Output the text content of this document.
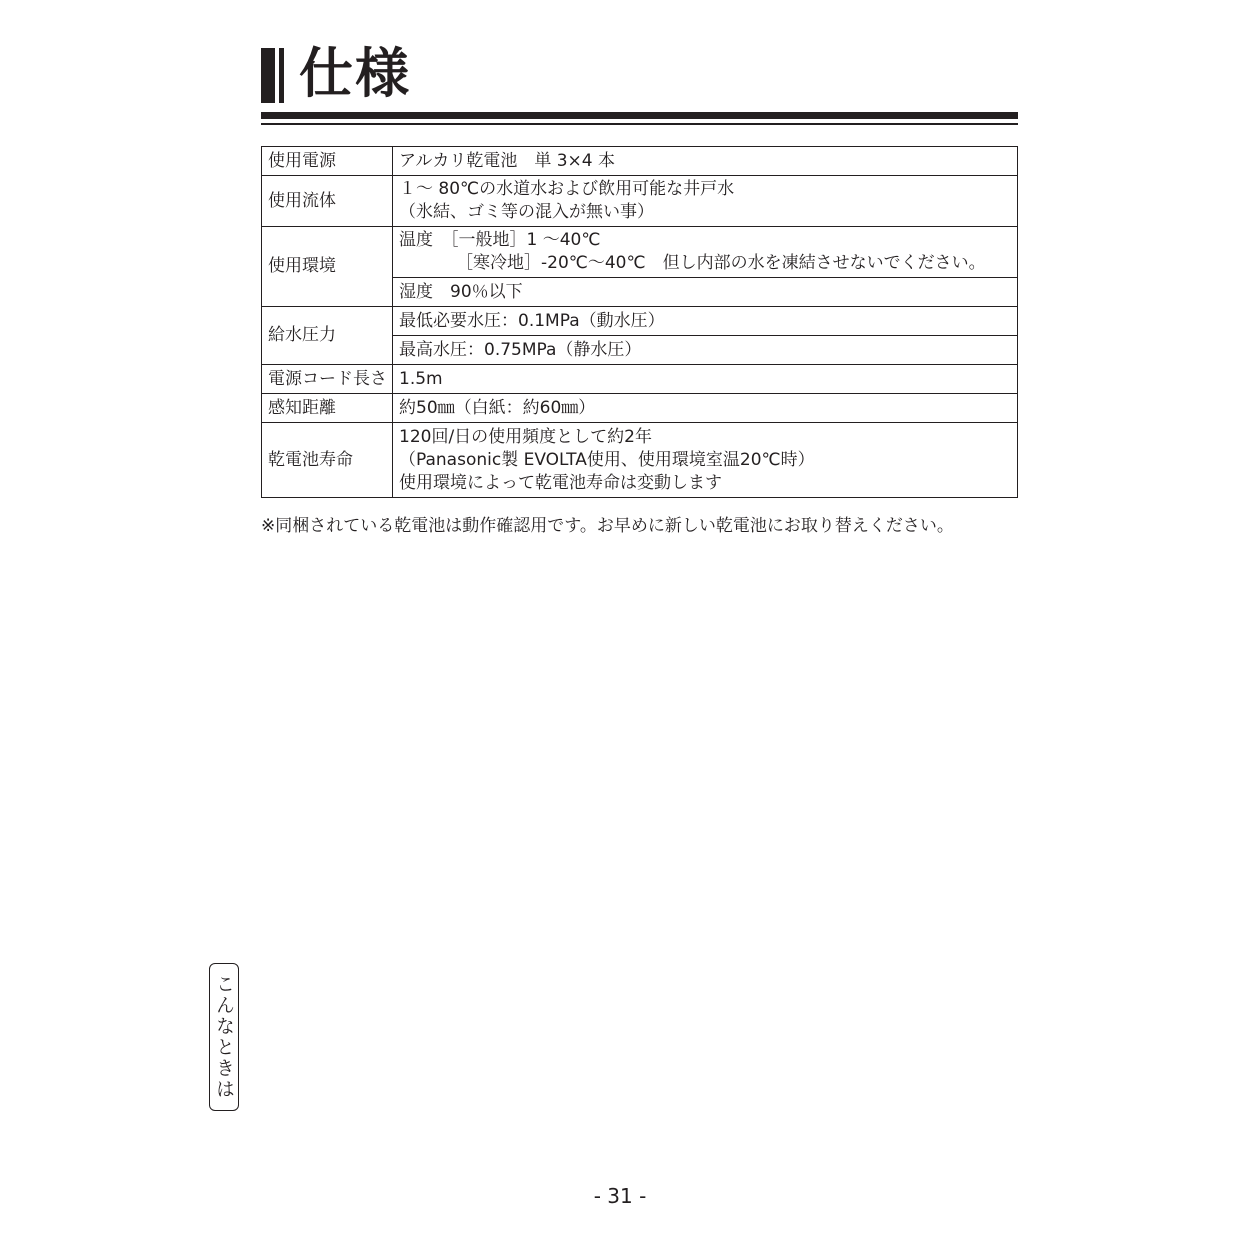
仕様
使用電源	アルカリ乾電池　単 3×4 本
使用流体	１～ 80℃の水道水および飲用可能な井戸水
（氷結、ゴミ等の混入が無い事）

使用環境	温度　［一般地］1 ～40℃
［寒冷地］-20℃～40℃　但し内部の水を凍結させないでください。

	湿度　90％以下
給水圧力	最低必要水圧：0.1MPa（動水圧）
	最高水圧：0.75MPa（静水圧）
電源コード長さ	1.5m
感知距離	約50㎜（白紙：約60㎜）
乾電池寿命	120回/日の使用頻度として約2年
（Panasonic製 EVOLTA使用、使用環境室温20℃時）
使用環境によって乾電池寿命は変動します
※同梱されている乾電池は動作確認用です。お早めに新しい乾電池にお取り替えください。
こんなときは
- 31 -
